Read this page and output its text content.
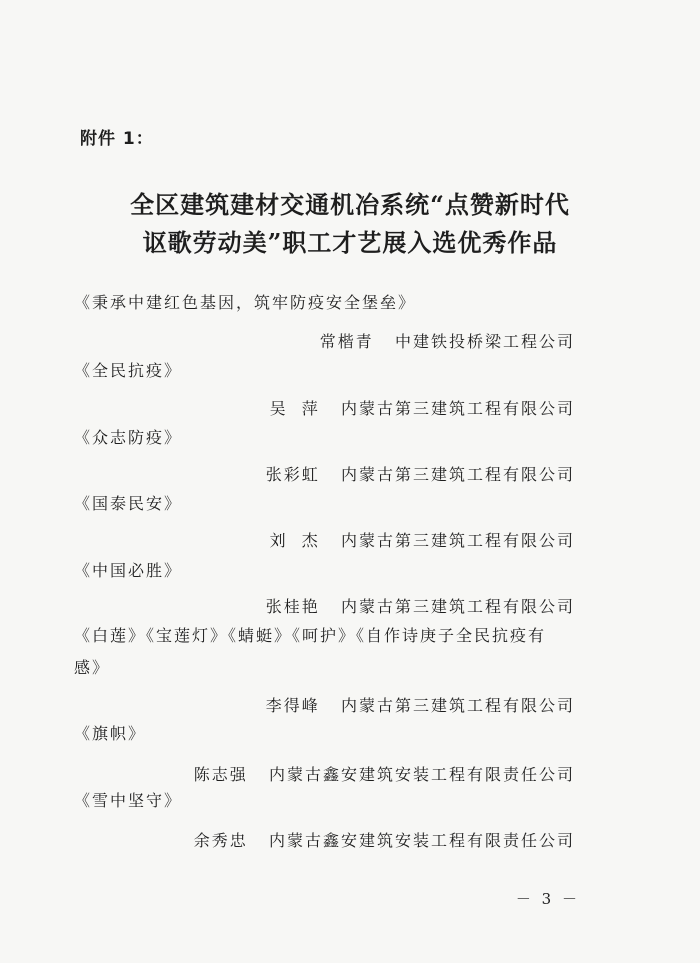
附件 1：
全区建筑建材交通机冶系统“点赞新时代
讴歌劳动美”职工才艺展入选优秀作品
《秉承中建红色基因，筑牢防疫安全堡垒》
常楷青   中建铁投桥梁工程公司
《全民抗疫》
吴  萍   内蒙古第三建筑工程有限公司
《众志防疫》
张彩虹   内蒙古第三建筑工程有限公司
《国泰民安》
刘  杰   内蒙古第三建筑工程有限公司
《中国必胜》
张桂艳   内蒙古第三建筑工程有限公司
《白莲》《宝莲灯》《蜻蜓》《呵护》《自作诗庚子全民抗疫有感》
李得峰   内蒙古第三建筑工程有限公司
《旗帜》
陈志强   内蒙古鑫安建筑安装工程有限责任公司
《雪中坚守》
余秀忠   内蒙古鑫安建筑安装工程有限责任公司
－ 3 －
